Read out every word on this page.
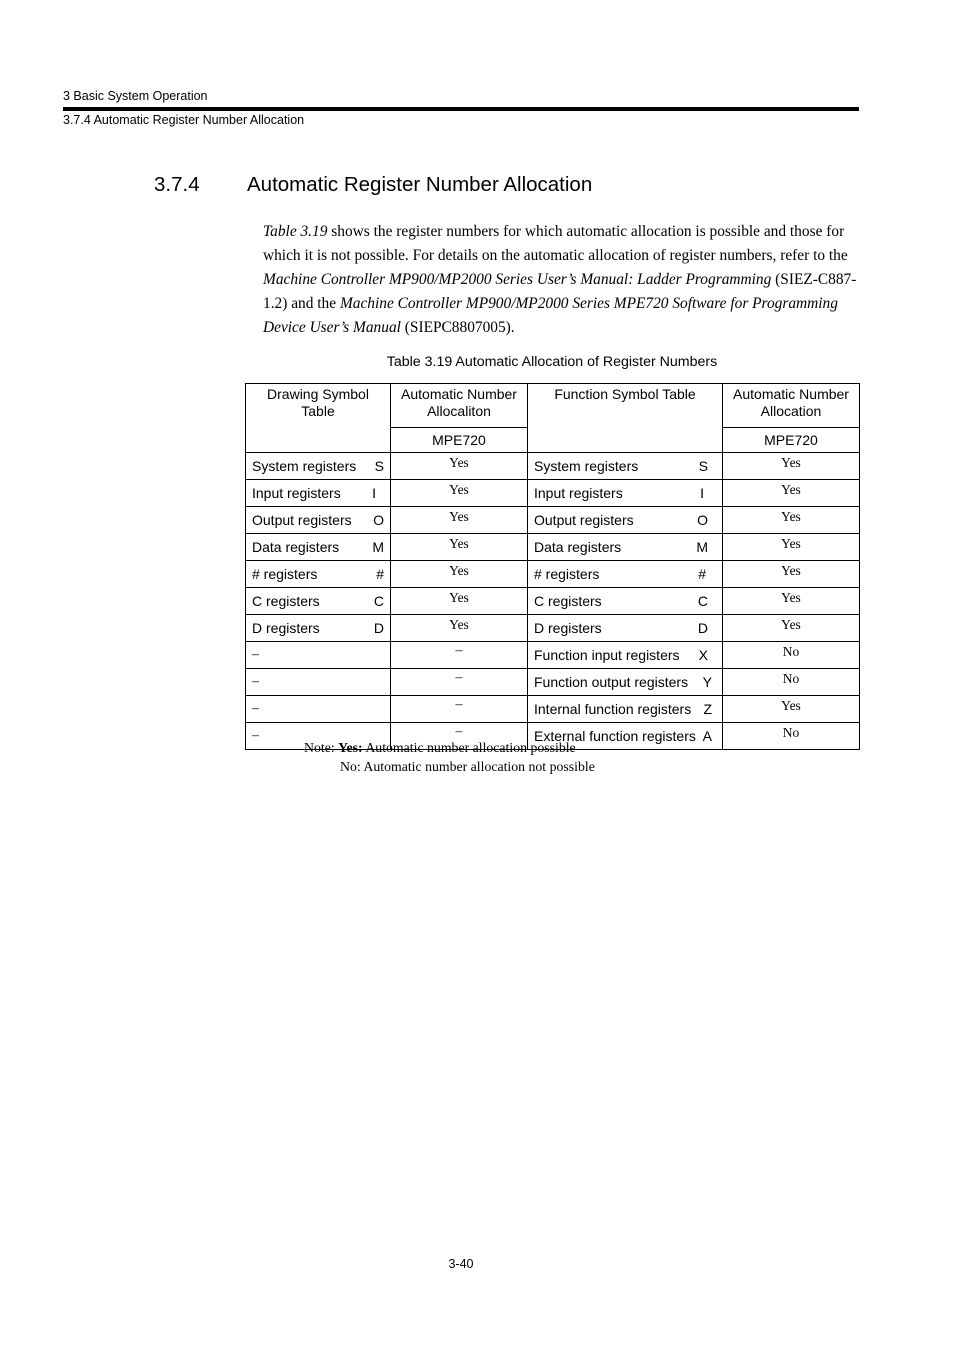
3 Basic System Operation
3.7.4 Automatic Register Number Allocation
3.7.4 Automatic Register Number Allocation

Table 3.19 shows the register numbers for which automatic allocation is possible and those for which it is not possible. For details on the automatic allocation of register numbers, refer to the Machine Controller MP900/MP2000 Series User’s Manual: Ladder Programming (SIEZ-C887-1.2) and the Machine Controller MP900/MP2000 Series MPE720 Software for Programming Device User’s Manual (SIEPC8807005).

Table 3.19 Automatic Allocation of Register Numbers
Drawing Symbol Table	Automatic Number Allocaliton	Function Symbol Table	Automatic Number Allocation
	MPE720		MPE720

System registers S	Yes	System registers S	Yes

Input registers I	Yes	Input registers I	Yes

Output registers O	Yes	Output registers O	Yes

Data registers M	Yes	Data registers M	Yes

# registers #	Yes	# registers #	Yes

C registers C	Yes	C registers C	Yes

D registers D	Yes	D registers D	Yes
–	–	Function input registers X	No
–	–	Function output registers Y	No
–	–	Internal function registers Z	Yes
–	–	External function registers A	No
Note: Yes: Automatic number allocation possible
No: Automatic number allocation not possible
3-40
